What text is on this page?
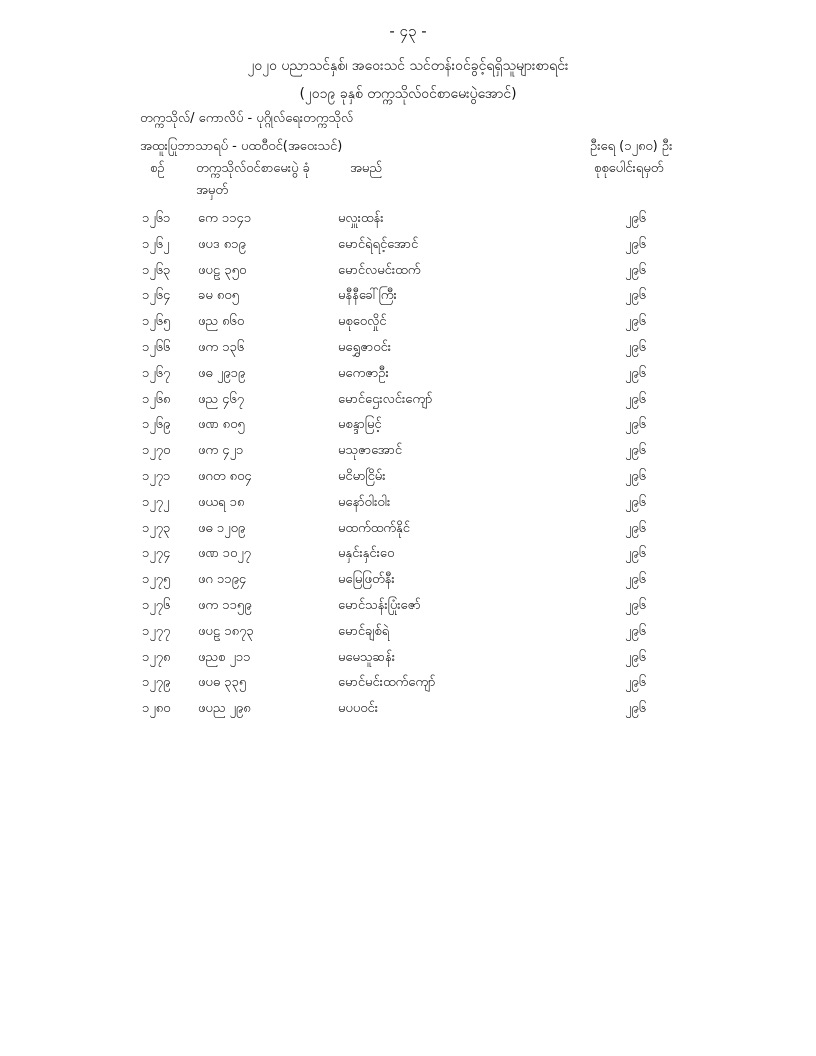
- ၄၃ -
၂၀၂၀ ပညာသင်နှစ်၊ အဝေးသင် သင်တန်းဝင်ခွင့်ရရှိသူများစာရင်း
(၂၀၁၉ ခုနှစ် တက္ကသိုလ်ဝင်စာမေးပွဲအောင်)
တက္ကသိုလ်/ ကောလိပ် - ပုဂ္ဂိုလ်ရေးတက္ကသိုလ်
အထူးပြုဘာသာရပ် - ပထဝီဝင်(အဝေးသင်)	ဦးရေ (၁၂၈၀) ဦး
စဉ် တက္ကသိုလ်ဝင်စာမေးပွဲ ခုံအမှတ်
အမည်	စုစုပေါင်းရမှတ်
၁၂၆၁ ကေ ၁၁၄၁	မလှူးထန်း	၂၉၆
၁၂၆၂ ဖပဒ ၈၁၉	မောင်ရဲရင့်အောင်	၂၉၆
၁၂၆၃ ဖပဠ ၃၅၀	မောင်လမင်းထက်	၂၉၆
၁၂၆၄ ခမ ၈၀၅	မနီနီခေါ်ကြီး	၂၉၆
၁၂၆၅ ဖည ၈၆၀	မစုဝေလှိုင်	၂၉၆
၁၂၆၆ ဖက ၁၃၆	မရွှေဇာဝင်း	၂၉၆
၁၂၆၇ ဖဓ ၂၉၁၉	မကေဇာဦး	၂၉၆
၁၂၆၈ ဖည ၄၆၇	မောင်ဌေးလင်းကျော်	၂၉၆
၁၂၆၉ ဖဏ ၈၀၅	မစန္ဒာမြင့်	၂၉၆
၁၂၇၀ ဖက ၄၂၁	မသုဇာအောင်	၂၉၆
၁၂၇၁ ဖဂတ ၈၀၄	မငိမာငြိမ်း	၂၉၆
၁၂၇၂ ဖယရ ၁၈	မနော်ဝါးဝါး	၂၉၆
၁၂၇၃ ဖဓ ၁၂၀၉	မထက်ထက်နိုင်	၂၉၆
၁၂၇၄ ဖဏ ၁၀၂၇	မနှင်းနှင်းဝေ	၂၉၆
၁၂၇၅ ဖဂ ၁၁၉၄	မမြေဖြတ်နီး	၂၉၆
၁၂၇၆ ဖက ၁၁၅၉	မောင်သန်းပြုံးဇော်	၂၉၆
၁၂၇၇ ဖပဠ ၁၈၇၃	မောင်ချစ်ရဲ	၂၉၆
၁၂၇၈ ဖညစ ၂၁၁	မမေသူဆန်း	၂၉၆
၁၂၇၉ ဖပဓ ၃၃၅	မောင်မင်းထက်ကျော်	၂၉၆
၁၂၈၀ ဖပည ၂၉၈	မပပဝင်း	၂၉၆
